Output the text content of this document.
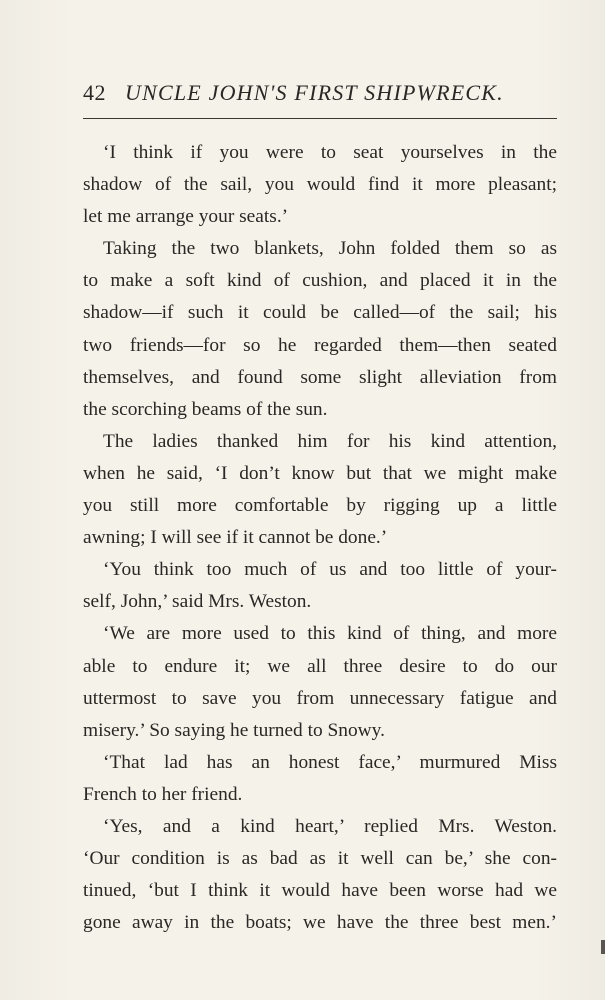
42 UNCLE JOHN'S FIRST SHIPWRECK.
‘I think if you were to seat yourselves in the
shadow of the sail, you would find it more pleasant;
let me arrange your seats.’
Taking the two blankets, John folded them so as
to make a soft kind of cushion, and placed it in the
shadow—if such it could be called—of the sail; his
two friends—for so he regarded them—then seated
themselves, and found some slight alleviation from
the scorching beams of the sun.
The ladies thanked him for his kind attention,
when he said, ‘I don’t know but that we might make
you still more comfortable by rigging up a little
awning; I will see if it cannot be done.’
‘You think too much of us and too little of your-
self, John,’ said Mrs. Weston.
‘We are more used to this kind of thing, and more
able to endure it; we all three desire to do our
uttermost to save you from unnecessary fatigue and
misery.’ So saying he turned to Snowy.
‘That lad has an honest face,’ murmured Miss
French to her friend.
‘Yes, and a kind heart,’ replied Mrs. Weston.
‘Our condition is as bad as it well can be,’ she con-
tinued, ‘but I think it would have been worse had we
gone away in the boats; we have the three best men.’
